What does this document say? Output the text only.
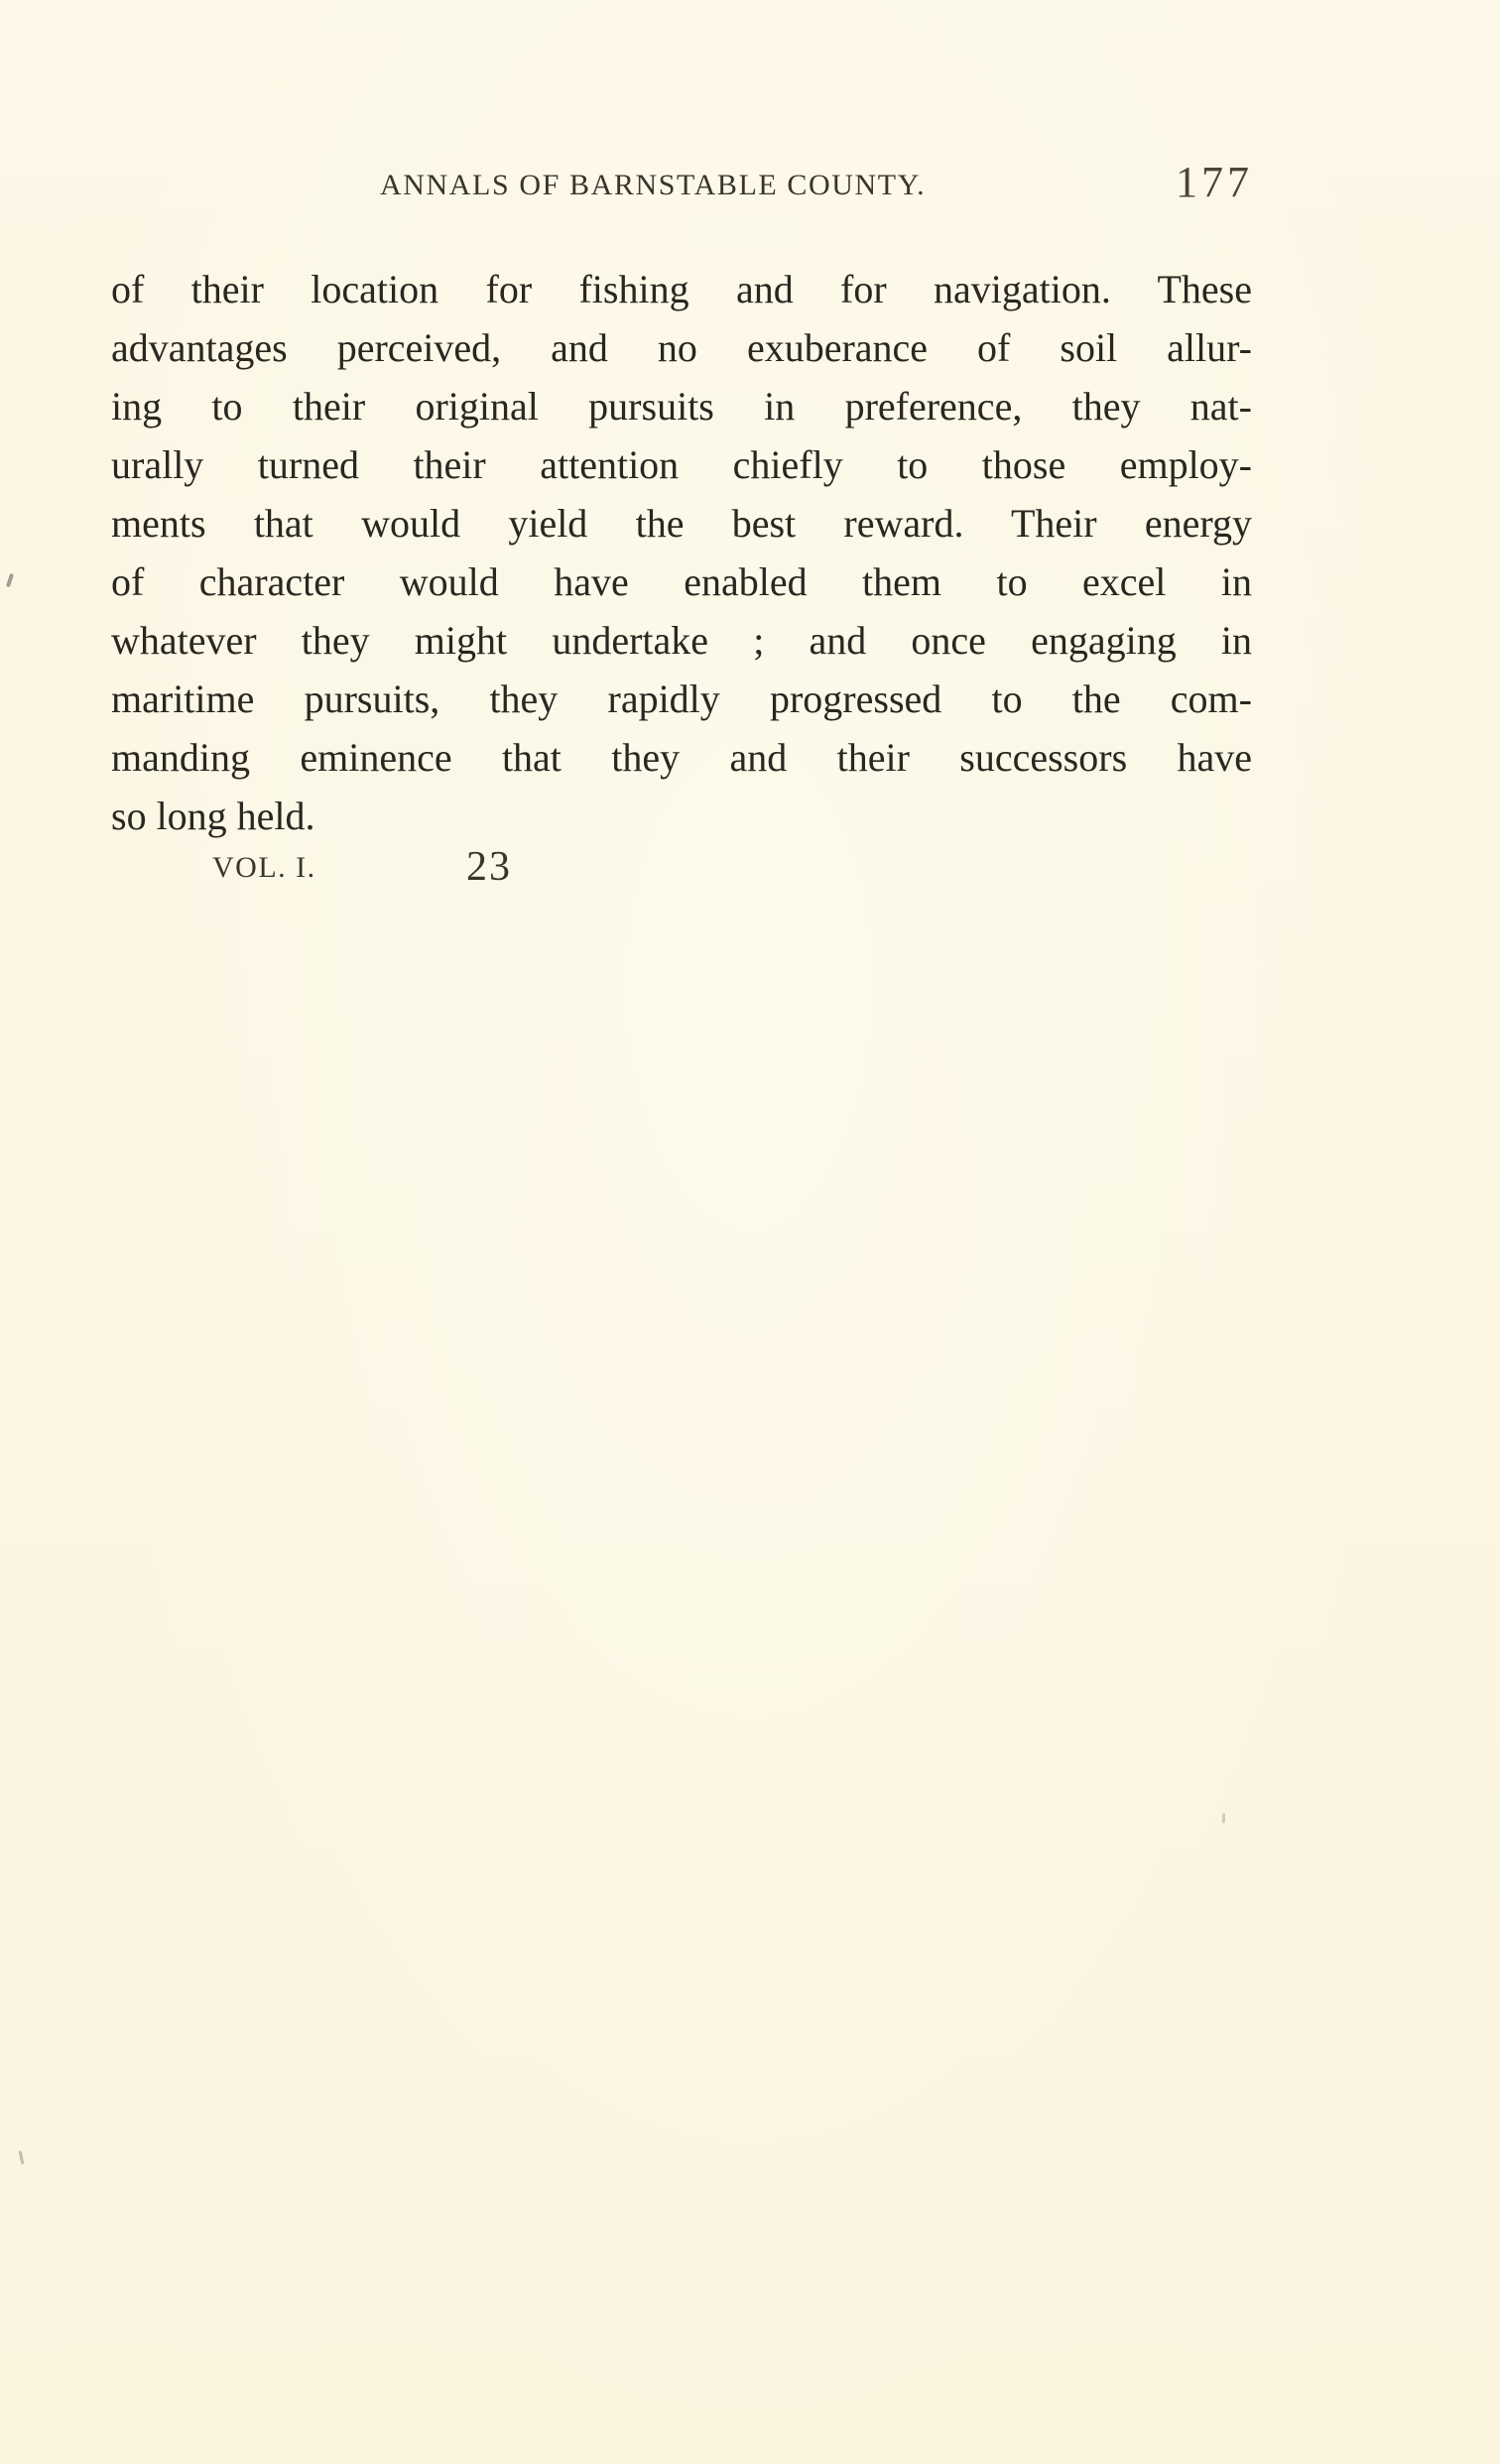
ANNALS OF BARNSTABLE COUNTY.	177
of their location for fishing and for navigation. These
advantages perceived, and no exuberance of soil allur-
ing to their original pursuits in preference, they nat-
urally turned their attention chiefly to those employ-
ments that would yield the best reward. Their energy
of character would have enabled them to excel in
whatever they might undertake ; and once engaging in
maritime pursuits, they rapidly progressed to the com-
manding eminence that they and their successors have
so long held.
VOL. I.	23
